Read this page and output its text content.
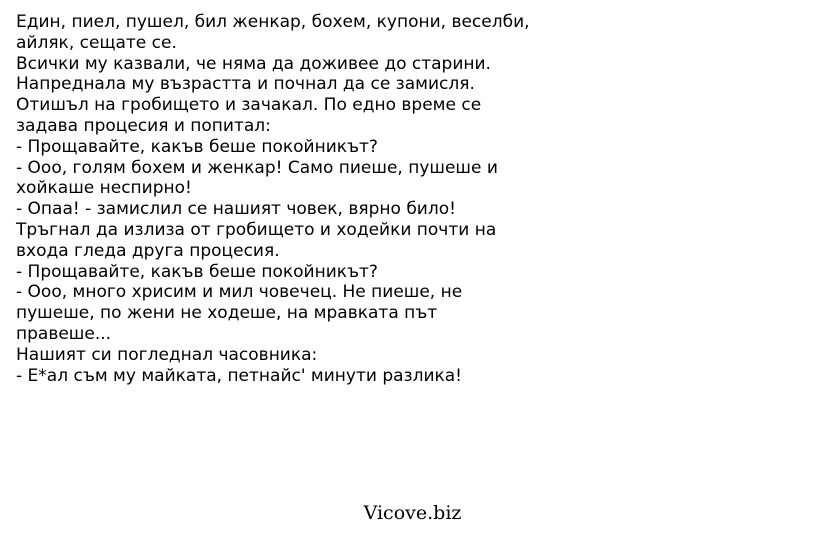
Един, пиел, пушел, бил женкар, бохем, купони, веселби,
айляк, сещате се.
Всички му казвали, че няма да доживее до старини.
Напреднала му възрастта и почнал да се замисля.
Отишъл на гробището и зачакал. По едно време се
задава процесия и попитал:
- Прощавайте, какъв беше покойникът?
- Ооо, голям бохем и женкар! Само пиеше, пушеше и
хойкаше неспирно!
- Опаа! - замислил се нашият човек, вярно било!
Тръгнал да излиза от гробището и ходейки почти на
входа гледа друга процесия.
- Прощавайте, какъв беше покойникът?
- Ооо, много хрисим и мил човечец. Не пиеше, не
пушеше, по жени не ходеше, на мравката път
правеше...
Нашият си погледнал часовника:
- Е*ал съм му майката, петнайс' минути разлика!
Vicove.biz
